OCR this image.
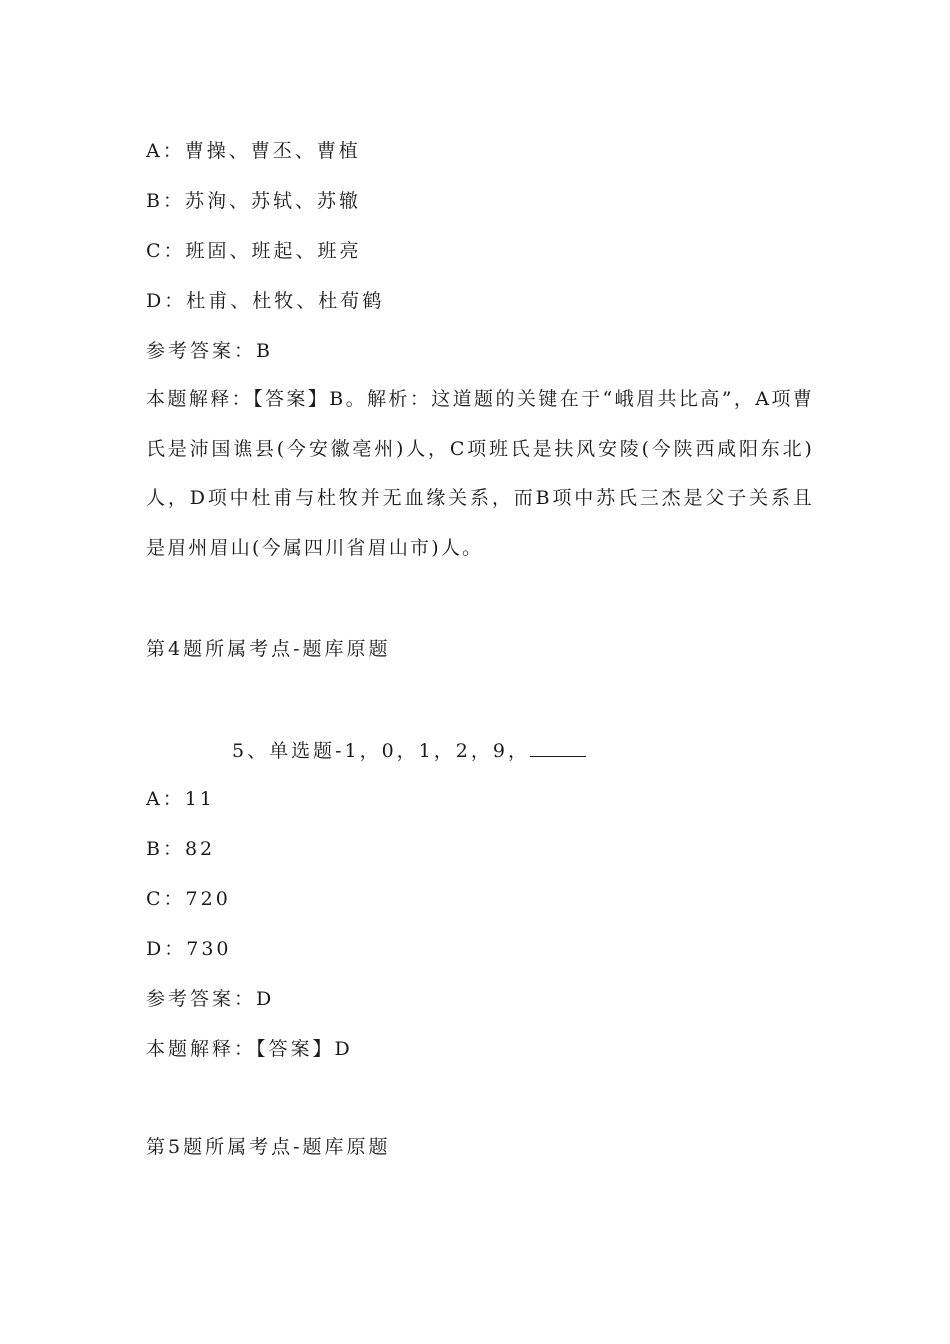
A：曹操、曹丕、曹植
B：苏洵、苏轼、苏辙
C：班固、班起、班亮
D：杜甫、杜牧、杜荀鹤
参考答案：B
本题解释：【答案】B。解析：这道题的关键在于“峨眉共比高”，A项曹氏是沛国谯县(今安徽亳州)人，C项班氏是扶风安陵(今陕西咸阳东北)人，D项中杜甫与杜牧并无血缘关系，而B项中苏氏三杰是父子关系且是眉州眉山(今属四川省眉山市)人。
第4题所属考点-题库原题
5、单选题-1，0，1，2，9，
A：11
B：82
C：720
D：730
参考答案：D
本题解释：【答案】D
第5题所属考点-题库原题
